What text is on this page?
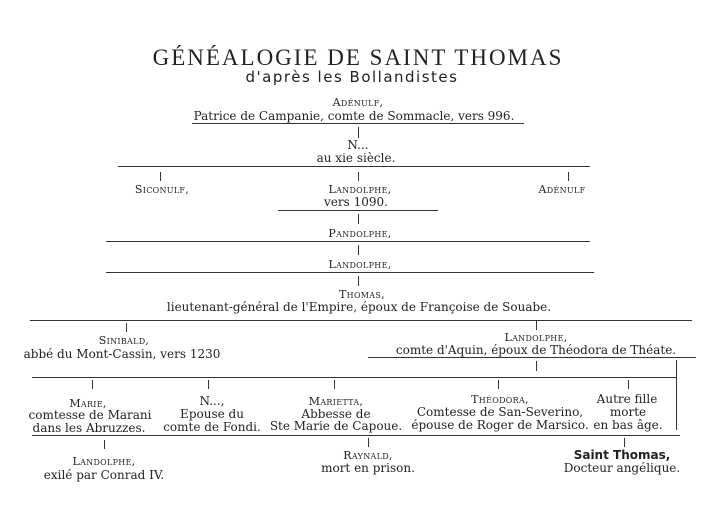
GÉNÉALOGIE DE SAINT THOMAS
d'après les Bollandistes
Adénulf,
Patrice de Campanie, comte de Sommacle, vers 996.
N...
au xie siècle.
Siconulf,	Landolphe,
vers 1090.
Adénulf
Pandolphe,
Landolphe,
Thomas,
lieutenant-général de l'Empire, époux de Françoise de Souabe.
Sinibald,
abbé du Mont-Cassin, vers 1230
Landolphe,
comte d'Aquin, époux de Théodora de Théate.
Marie,
comtesse de Marani
dans les Abruzzes.
N...,
Epouse du
comte de Fondi.
Marietta,
Abbesse de
Ste Marie de Capoue.
Théodora,
Comtesse de San-Severino,
épouse de Roger de Marsico.
Autre fille
morte
en bas âge.
Landolphe,
exilé par Conrad IV.
Raynald,
mort en prison.
Saint Thomas,
Docteur angélique.
